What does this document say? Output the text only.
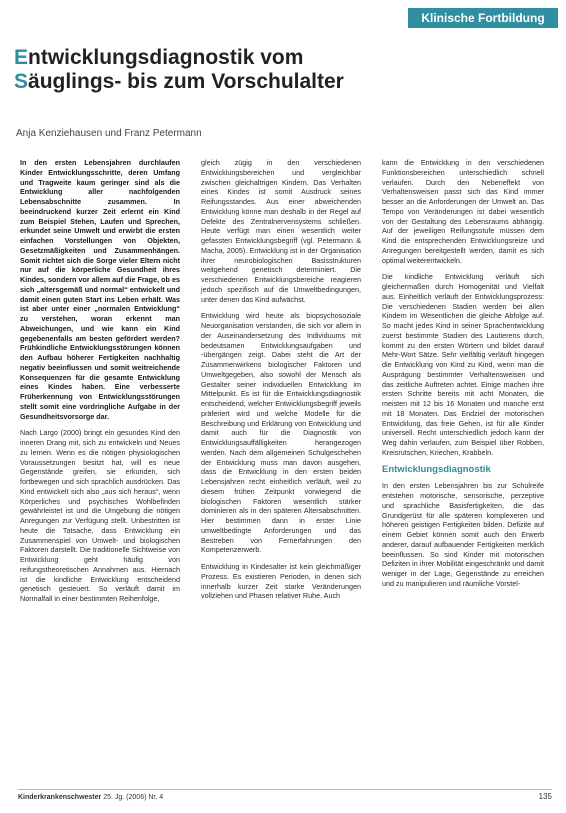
Klinische Fortbildung
Entwicklungsdiagnostik vom
Säuglings- bis zum Vorschulalter
Anja Kenziehausen und Franz Petermann

In den ersten Lebensjahren durchlaufen Kinder Entwicklungsschritte, deren Umfang und Tragweite kaum geringer sind als die Entwicklung aller nachfolgenden Lebensabschnitte zusammen. In beeindruckend kurzer Zeit erlernt ein Kind zum Beispiel Stehen, Laufen und Sprechen, erkundet seine Umwelt und erwirbt die ersten einfachen Vorstellungen von Objekten, Gesetzmäßigkeiten und Zusammenhängen. Somit richtet sich die Sorge vieler Eltern nicht nur auf die körperliche Gesundheit ihres Kindes, sondern vor allem auf die Frage, ob es sich „altersgemäß und normal“ entwickelt und damit einen guten Start ins Leben erhält. Was ist aber unter einer „normalen Entwicklung“ zu verstehen, woran erkennt man Abweichungen, und wie kann ein Kind gegebenenfalls am besten gefördert werden? Frühkindliche Entwicklungsstörungen können den Aufbau höherer Fertigkeiten nachhaltig negativ beeinflussen und somit weitreichende Konsequenzen für die gesamte Entwicklung eines Kindes haben. Eine verbesserte Früherkennung von Entwicklungsstörungen stellt somit eine vordringliche Aufgabe in der Gesundheitsvorsorge dar.

Nach Largo (2000) bringt ein gesundes Kind den inneren Drang mit, sich zu entwickeln und Neues zu lernen. Wenn es die nötigen physiologischen Voraussetzungen besitzt hat, will es neue Gegenstände greifen, sie erkunden, sich fortbewegen und sich sprachlich ausdrücken. Das Kind entwickelt sich also „aus sich heraus“, wenn Körperliches und psychisches Wohlbefinden gewährleistet ist und die Umgebung die nötigen Anregungen zur Verfügung stellt. Unbestritten ist heute die Tatsache, dass Entwicklung ein Zusammenspiel von Umwelt- und biologischen Faktoren darstellt. Die traditionelle Sichtweise von Entwicklung geht häufig von reifungstheoretischen Annahmen aus. Hiernach ist die kindliche Entwicklung entscheidend genetisch gesteuert. So verläuft damit im Normalfall in einer bestimmten Reihenfolge,

gleich zügig in den verschiedenen Entwicklungsbereichen und vergleichbar zwischen gleichaltrigen Kindern. Das Verhalten eines Kindes ist somit Ausdruck seines Reifungsstandes. Aus einer abweichenden Entwicklung könne man deshalb in der Regel auf Defekte des Zentralnervensystems schließen. Heute verfügt man einen wesentlich weiter gefassten Entwicklungsbegriff (vgl. Petermann & Macha, 2005). Entwicklung ist in der Organisation ihrer neurobiologischen Basisstrukturen weitgehend genetisch determiniert. Die verschiedenen Entwicklungsbereiche reagieren jedoch spezifisch auf die Umweltbedingungen, unter denen das Kind aufwächst.

Entwicklung wird heute als biopsychosoziale Neuorganisation verstanden, die sich vor allem in der Auseinandersetzung des Individuums mit bedeutsamen Entwicklungsaufgaben und -übergängen zeigt. Dabei steht die Art der Zusammenwirkens biologischer Faktoren und Umweltgegeben, also sowohl der Mensch als Gestalter seiner individuellen Entwicklung im Mittelpunkt. Es ist für die Entwicklungsdiagnostik entscheidend, welcher Entwicklungsbegriff jeweils präferiert wird und welche Modelle für die Beschreibung und Erklärung von Entwicklung und damit auch für die Diagnostik von Entwicklungsauffälligkeiten herangezogen werden. Nach dem allgemeinen Schulgeschehen der Entwicklung muss man davon ausgehen, dass die Entwicklung in den ersten beiden Lebensjahren recht einheitlich verläuft, weil zu diesem frühen Zeitpunkt vorwiegend die biologischen Faktoren wesentlich stärker dominieren als in den späteren Altersabschnitten. Hier bestimmen dann in erster Linie umweltbedingte Anforderungen und das Bestreben von Fernerfahrungen den Kompetenzerwerb.

Entwicklung in Kindesalter ist kein gleichmäßiger Prozess. Es existieren Perioden, in denen sich innerhalb kurzer Zeit starke Veränderungen vollziehen und Phasen relativer Ruhe. Auch

kann die Entwicklung in den verschiedenen Funktionsbereichen unterschiedlich schnell verlaufen. Durch den Nebeneffekt von Verhaltensweisen passt sich das Kind immer besser an die Anforderungen der Umwelt an. Das Tempo von Veränderungen ist dabei wesentlich von der Gestaltung des Lebensraums abhängig. Auf der jeweiligen Reifungsstufe müssen dem Kind die entsprechenden Entwicklungsreize und Anregungen bereitgestellt werden, damit es sich optimal weiterentwickeln.

Die kindliche Entwicklung verläuft sich gleichermaßen durch Homogenität und Vielfalt aus. Einheitlich verläuft der Entwicklungsprozess: Die verschiedenen Stadien werden bei allen Kindern im Wesentlichen die gleiche Abfolge auf. So macht jedes Kind in seiner Sprachentwicklung zuerst bestimmte Stadien des Lautierens durch, kommt zu den ersten Wörtern und bildet darauf Mehr-Wort Sätze. Sehr vielfältig verläuft hingegen die Entwicklung von Kind zu Kind, wenn man die Ausprägung bestimmter Verhaltensweisen und das zeitliche Auftreten achtet. Einige machen ihre ersten Schritte bereits mit acht Monaten, die meisten mit 12 bis 16 Monaten und manche erst mit 18 Monaten. Das Endziel der motorischen Entwicklung, das freie Gehen, ist für alle Kinder universell. Recht unterschiedlich jedoch kann der Weg dahin verlaufen, zum Beispiel über Robben, Kreisrutschen, Kriechen, Krabbeln.

Entwicklungsdiagnostik

In den ersten Lebensjahren bis zur Schulreife entstehen motorische, sensorische, perzeptive und sprachliche Basisfertigkeiten, die das Grundgerüst für alle späteren komplexeren und höheren geistigen Fertigkeiten bilden. Defizite auf einem Gebiet können somit auch den Erwerb anderer, darauf aufbauender Fertigkeiten merklich beeinflussen. So sind Kinder mit motorischen Defiziten in ihrer Mobilität eingeschränkt und damit weniger in der Lage, Gegenstände zu erreichen und zu manipulieren und räumliche Vorstel-

Kinderkrankenschwester 25. Jg. (2006) Nr. 4	135
